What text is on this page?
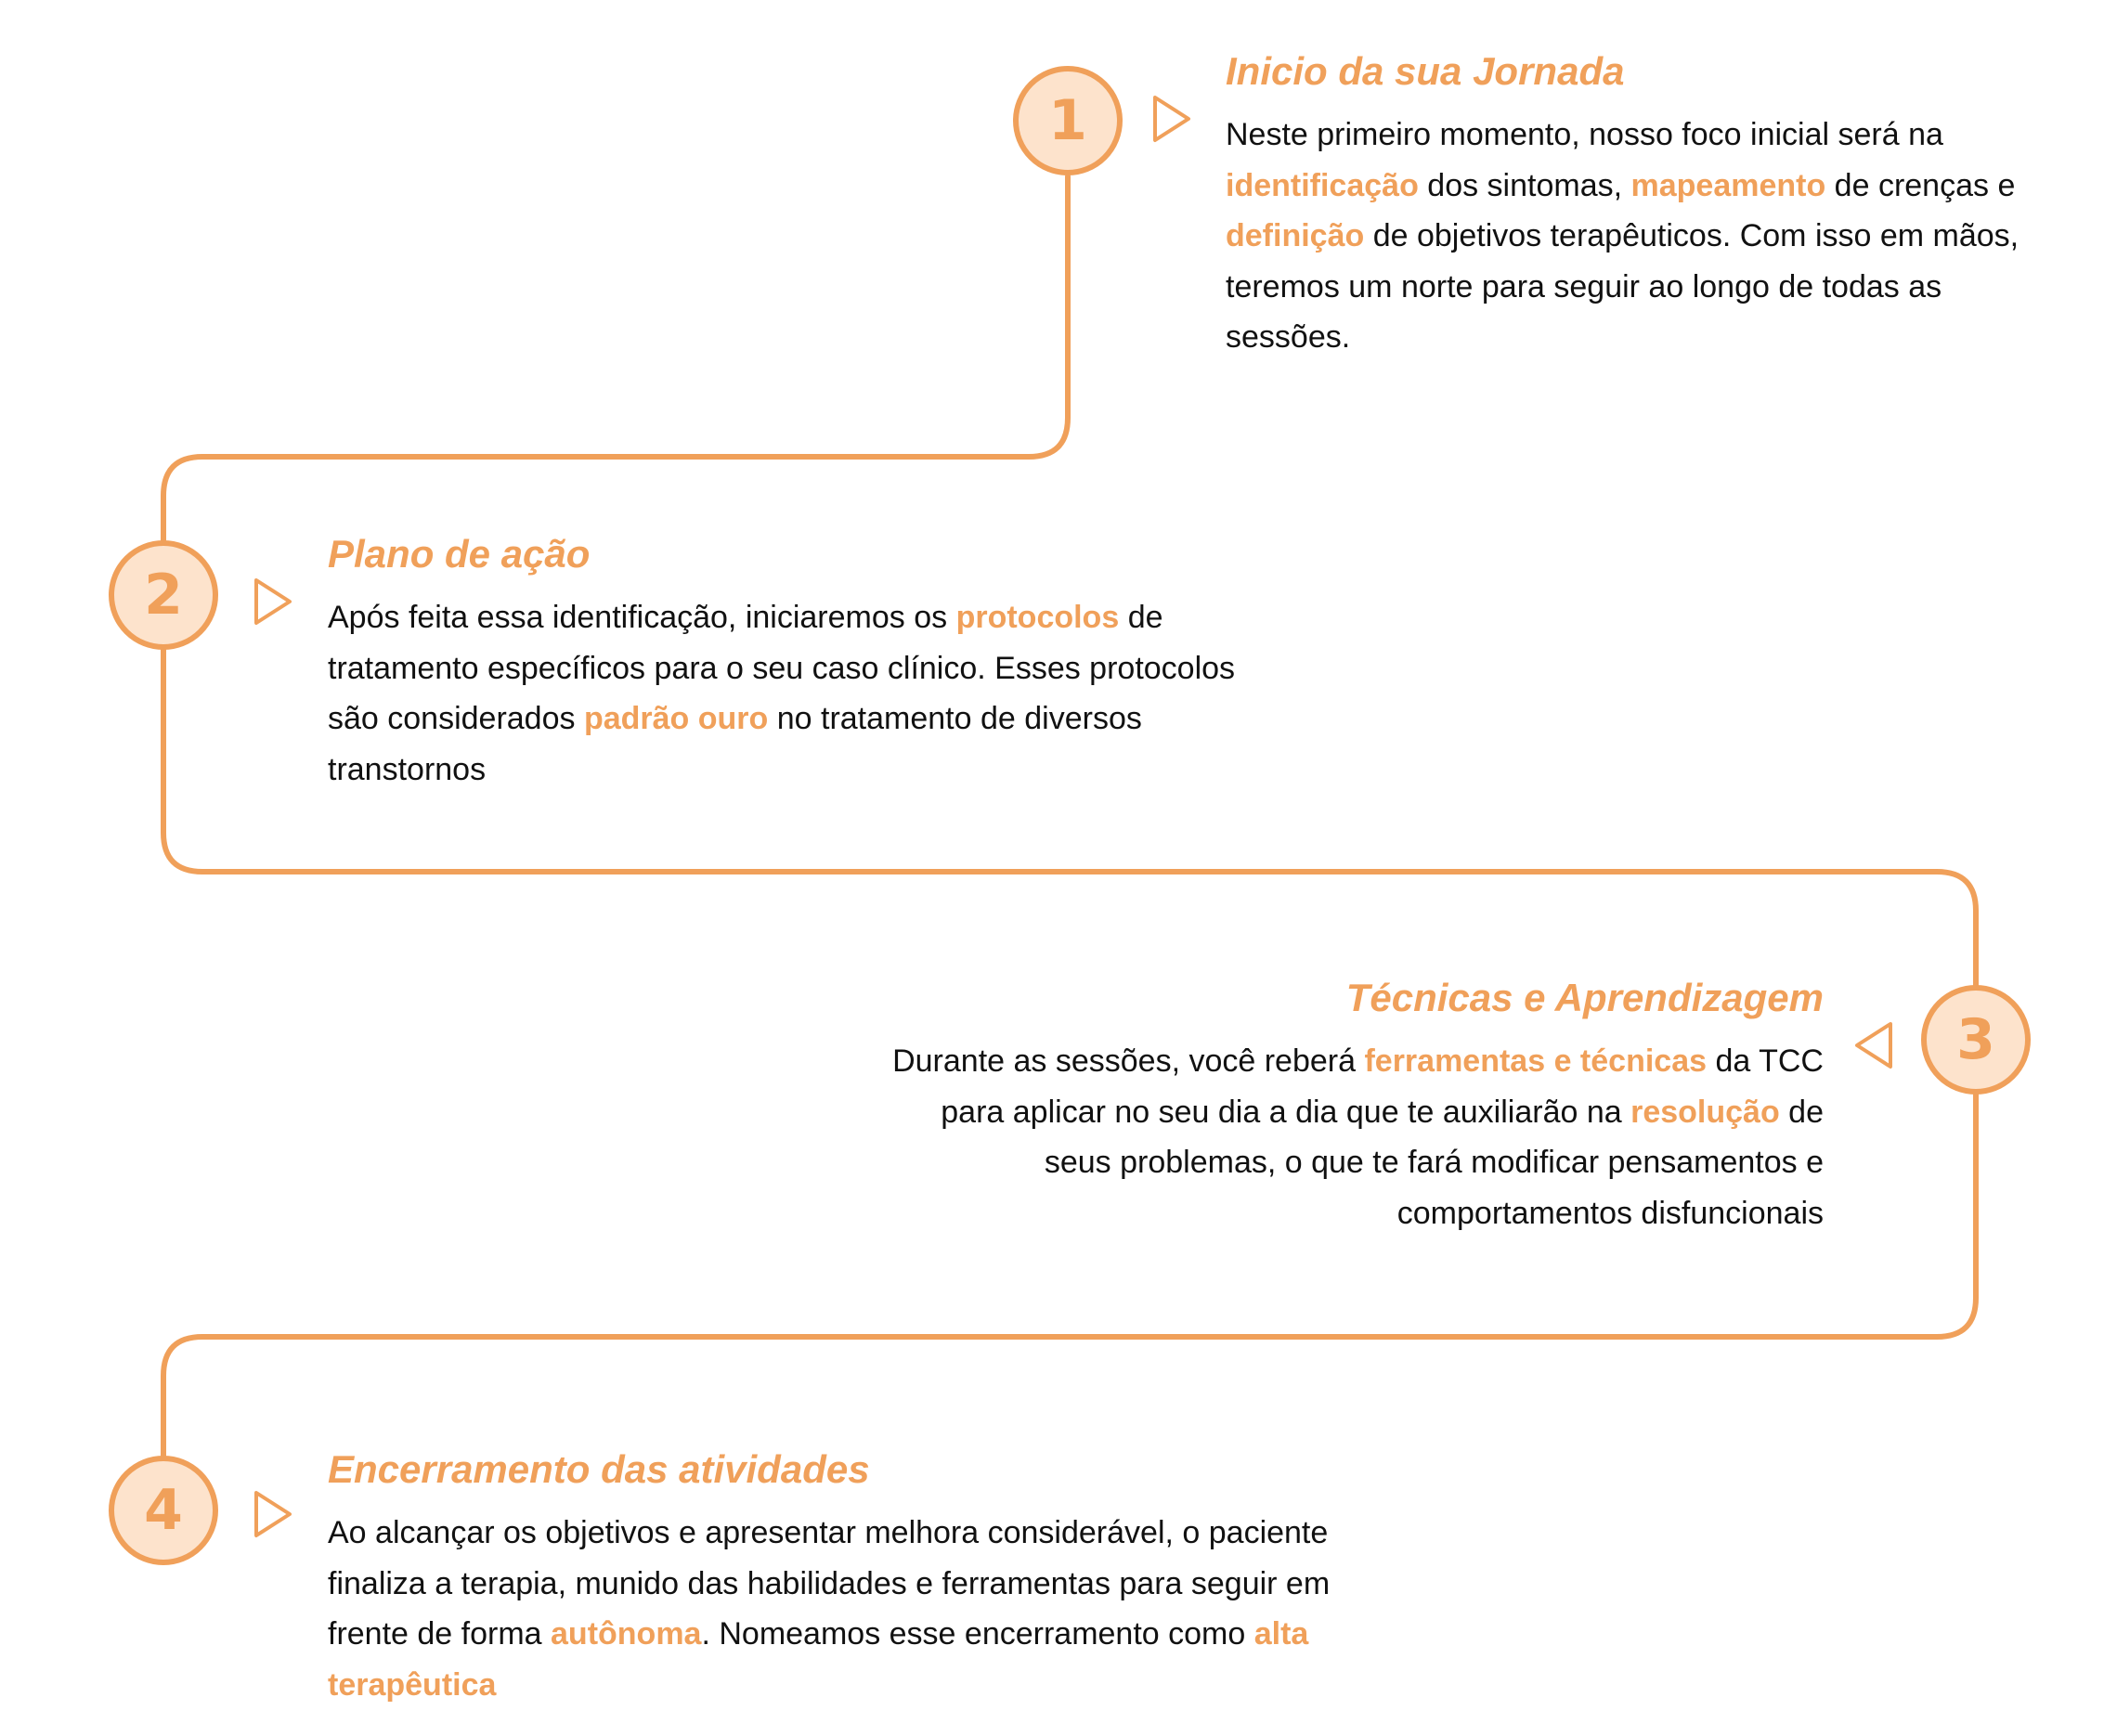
1
Inicio da sua Jornada

Neste primeiro momento, nosso foco inicial será na identificação dos sintomas, mapeamento de crenças e definição de objetivos terapêuticos. Com isso em mãos, teremos um norte para seguir ao longo de todas as sessões.

2
Plano de ação

Após feita essa identificação, iniciaremos os protocolos de tratamento específicos para o seu caso clínico. Esses protocolos são considerados padrão ouro no tratamento de diversos transtornos

3
Técnicas e Aprendizagem

Durante as sessões, você reberá ferramentas e técnicas da TCC para aplicar no seu dia a dia que te auxiliarão na resolução de seus problemas, o que te fará modificar pensamentos e comportamentos disfuncionais

4
Encerramento das atividades

Ao alcançar os objetivos e apresentar melhora considerável, o paciente finaliza a terapia, munido das habilidades e ferramentas para seguir em frente de forma autônoma. Nomeamos esse encerramento como alta terapêutica
